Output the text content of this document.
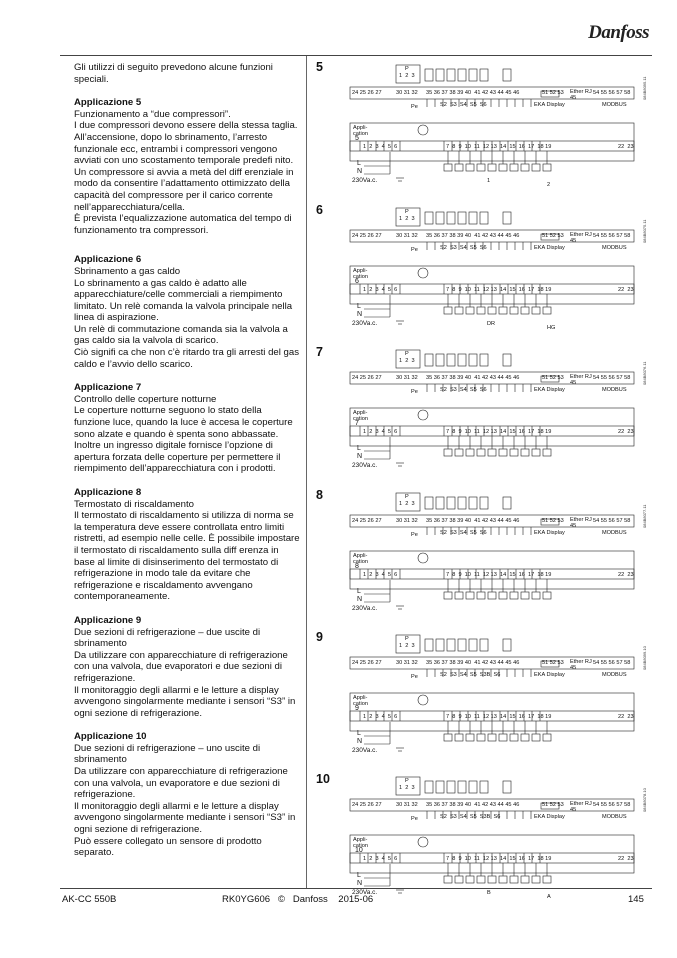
Danfoss

Gli utilizzi di seguito prevedono alcune funzioni speciali.

Applicazione 5

Funzionamento a “due compressori”.

I due compressori devono essere della stessa taglia. All’accensione, dopo lo sbrinamento, l’arresto funzionale ecc, entrambi i compressori vengono avviati con uno scostamento temporale predefi nito. Un compressore si avvia a metà del diff erenziale in modo da consentire l’adattamento ottimizzato della capacità del compressore per il carico corrente nell’apparecchiatura/cella.

È prevista l’equalizzazione automatica del tempo di funzionamento tra compressori.

Applicazione 6

Sbrinamento a gas caldo

Lo sbrinamento a gas caldo è adatto alle apparecchiature/celle commerciali a riempimento limitato. Un relè comanda la valvola principale nella linea di aspirazione.

Un relè di commutazione comanda sia la valvola a gas caldo sia la valvola di scarico.

Ciò signifi ca che non c’è ritardo tra gli arresti del gas caldo e l’avvio dello scarico.

Applicazione 7

Controllo delle coperture notturne

Le coperture notturne seguono lo stato della funzione luce, quando la luce è accesa le coperture sono alzate e quando è spenta sono abbassate. Inoltre un ingresso digitale fornisce l’opzione di apertura forzata delle coperture per permettere il riempimento dell’apparecchiatura con i prodotti.

Applicazione 8

Termostato di riscaldamento

Il termostato di riscaldamento si utilizza di norma se la temperatura deve essere controllata entro limiti ristretti, ad esempio nelle celle. È possibile impostare il termostato di riscaldamento sulla diff erenza in base al limite di disinserimento del termostato di refrigerazione in modo tale da evitare che refrigerazione e riscaldamento avvengano contemporaneamente.

Applicazione 9

Due sezioni di refrigerazione – due uscite di sbrinamento

Da utilizzare con apparecchiature di refrigerazione con una valvola, due evaporatori e due sezioni di refrigerazione.

Il monitoraggio degli allarmi e le letture a display avvengono singolarmente mediante i sensori “S3” in ogni sezione di refrigerazione.

Applicazione 10

Due sezioni di refrigerazione – uno uscite di sbrinamento

Da utilizzare con apparecchiature di refrigerazione con una valvola, un evaporatore e due sezioni di refrigerazione.

Il monitoraggio degli allarmi e le letture a display avvengono singolarmente mediante i sensori “S3” in ogni sezione di refrigerazione.

Può essere collegato un sensore di prodotto separato.

5	P
1  2  3
24 25 26 27	30 31 32 35 36 37 38 39 40  41 42 43 44 45 46	51 52 53 Ether RJ 45
54 55 56 57 58
MODBUS
EKA Display
Pe	S2  S3  S4  S5  S6
Appli-
cation
5
1  2  3  4  5  6	7  8  9  10  11  12 13  14  15  16  17  18 19	22  23
L
N
230Va.c.
084B8095.11
1
2
6	P
1  2  3
24 25 26 27	30 31 32 35 36 37 38 39 40  41 42 43 44 45 46	51 52 53 Ether RJ 45
54 55 56 57 58
MODBUS
EKA Display
Pe	S2  S3  S4  S5  S6
Appli-
cation
6
1  2  3  4  5  6	7  8  9  10  11  12 13  14  15  16  17  18 19	22  23
L
N
230Va.c.
084B8075.11
DR
HG
7	P
1  2  3
24 25 26 27	30 31 32 35 36 37 38 39 40  41 42 43 44 45 46	51 52 53 Ether RJ 45
54 55 56 57 58
MODBUS
EKA Display
Pe	S2  S3  S4  S5  S6
Appli-
cation
7
1  2  3  4  5  6	7  8  9  10  11  12 13  14  15  16  17  18 19	22  23
L
N
230Va.c.
084B8076.11
8	P
1  2  3
24 25 26 27	30 31 32 35 36 37 38 39 40  41 42 43 44 45 46	51 52 53 Ether RJ 45
54 55 56 57 58
MODBUS
EKA Display
Pe	S2  S3  S4  S5  S6
Appli-
cation
8
1  2  3  4  5  6	7  8  9  10  11  12 13  14  15  16  17  18 19	22  23
L
N
230Va.c.
084B8077.11
9	P
1  2  3
24 25 26 27	30 31 32 35 36 37 38 39 40  41 42 43 44 45 46	51 52 53 Ether RJ 45
54 55 56 57 58
MODBUS
EKA Display
Pe	S2  S3  S4  S5  S3B  S6
Appli-
cation
9
1  2  3  4  5  6	7  8  9  10  11  12 13  14  15  16  17  18 19	22  23
L
N
230Va.c.
084B8099.10
10	P
1  2  3
24 25 26 27	30 31 32 35 36 37 38 39 40  41 42 43 44 45 46	51 52 53 Ether RJ 45
54 55 56 57 58
MODBUS
EKA Display
Pe	S2  S3  S4  S5  S3B  S6
Appli-
cation
10
1  2  3  4  5  6	7  8  9  10  11  12 13  14  15  16  17  18 19	22  23
L
N
230Va.c.
084B8078.10
B
A
AK-CC 550B	RK0YG606   ©   Danfoss    2015-06	145
